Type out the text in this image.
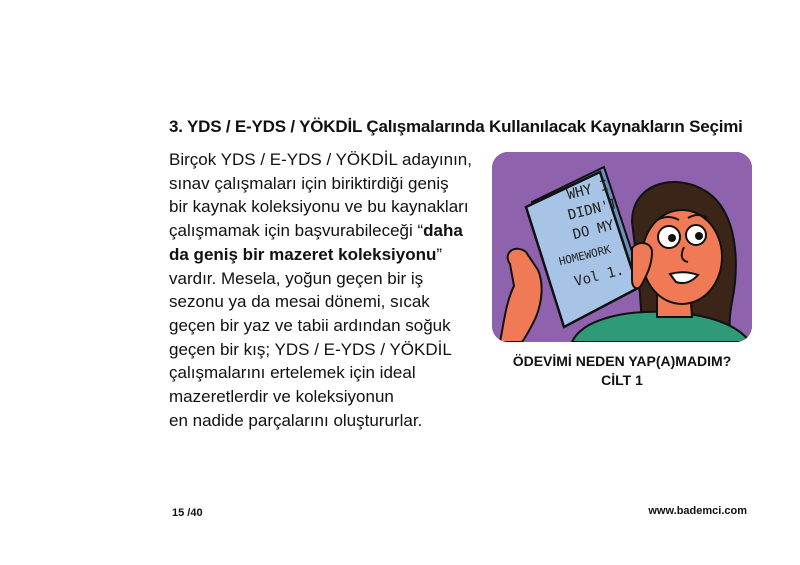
3. YDS / E-YDS / YÖKDİL Çalışmalarında Kullanılacak Kaynakların Seçimi
Birçok YDS / E-YDS / YÖKDİL adayının,
sınav çalışmaları için biriktirdiği geniş
bir kaynak koleksiyonu ve bu kaynakları
çalışmamak için başvurabileceği “daha
da geniş bir mazeret koleksiyonu”
vardır. Mesela, yoğun geçen bir iş
sezonu ya da mesai dönemi, sıcak
geçen bir yaz ve tabii ardından soğuk
geçen bir kış; YDS / E-YDS / YÖKDİL
çalışmalarını ertelemek için ideal
mazeretlerdir ve koleksiyonun
en nadide parçalarını oluştururlar.
WHY I
DIDN'T
DO MY
HOMEWORK
Vol 1.
ÖDEVİMİ NEDEN YAP(A)MADIM?
CİLT 1
15 /40	www.bademci.com
